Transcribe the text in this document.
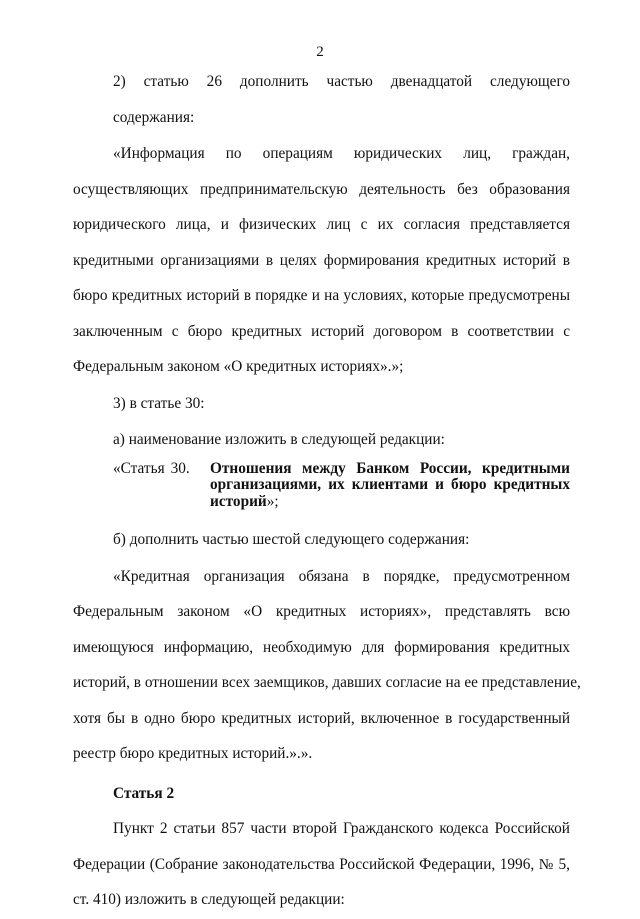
2

2) статью 26 дополнить частью двенадцатой следующего содержания:

«Информация по операциям юридических лиц, граждан,
осуществляющих предпринимательскую деятельность без образования
юридического лица, и физических лиц с их согласия представляется
кредитными организациями в целях формирования кредитных историй в
бюро кредитных историй в порядке и на условиях, которые предусмотрены
заключенным с бюро кредитных историй договором в соответствии с
Федеральным законом «О кредитных историях».»;

3) в статье 30:

а) наименование изложить в следующей редакции:

«Статья 30.	Отношения между Банком России, кредитными
организациями, их клиентами и бюро кредитных
историй»;

б) дополнить частью шестой следующего содержания:

«Кредитная организация обязана в порядке, предусмотренном
Федеральным законом «О кредитных историях», представлять всю
имеющуюся информацию, необходимую для формирования кредитных
историй, в отношении всех заемщиков, давших согласие на ее представление,
хотя бы в одно бюро кредитных историй, включенное в государственный
реестр бюро кредитных историй.».».

Статья 2

Пункт 2 статьи 857 части второй Гражданского кодекса Российской
Федерации (Собрание законодательства Российской Федерации, 1996, № 5,
ст. 410) изложить в следующей редакции:
